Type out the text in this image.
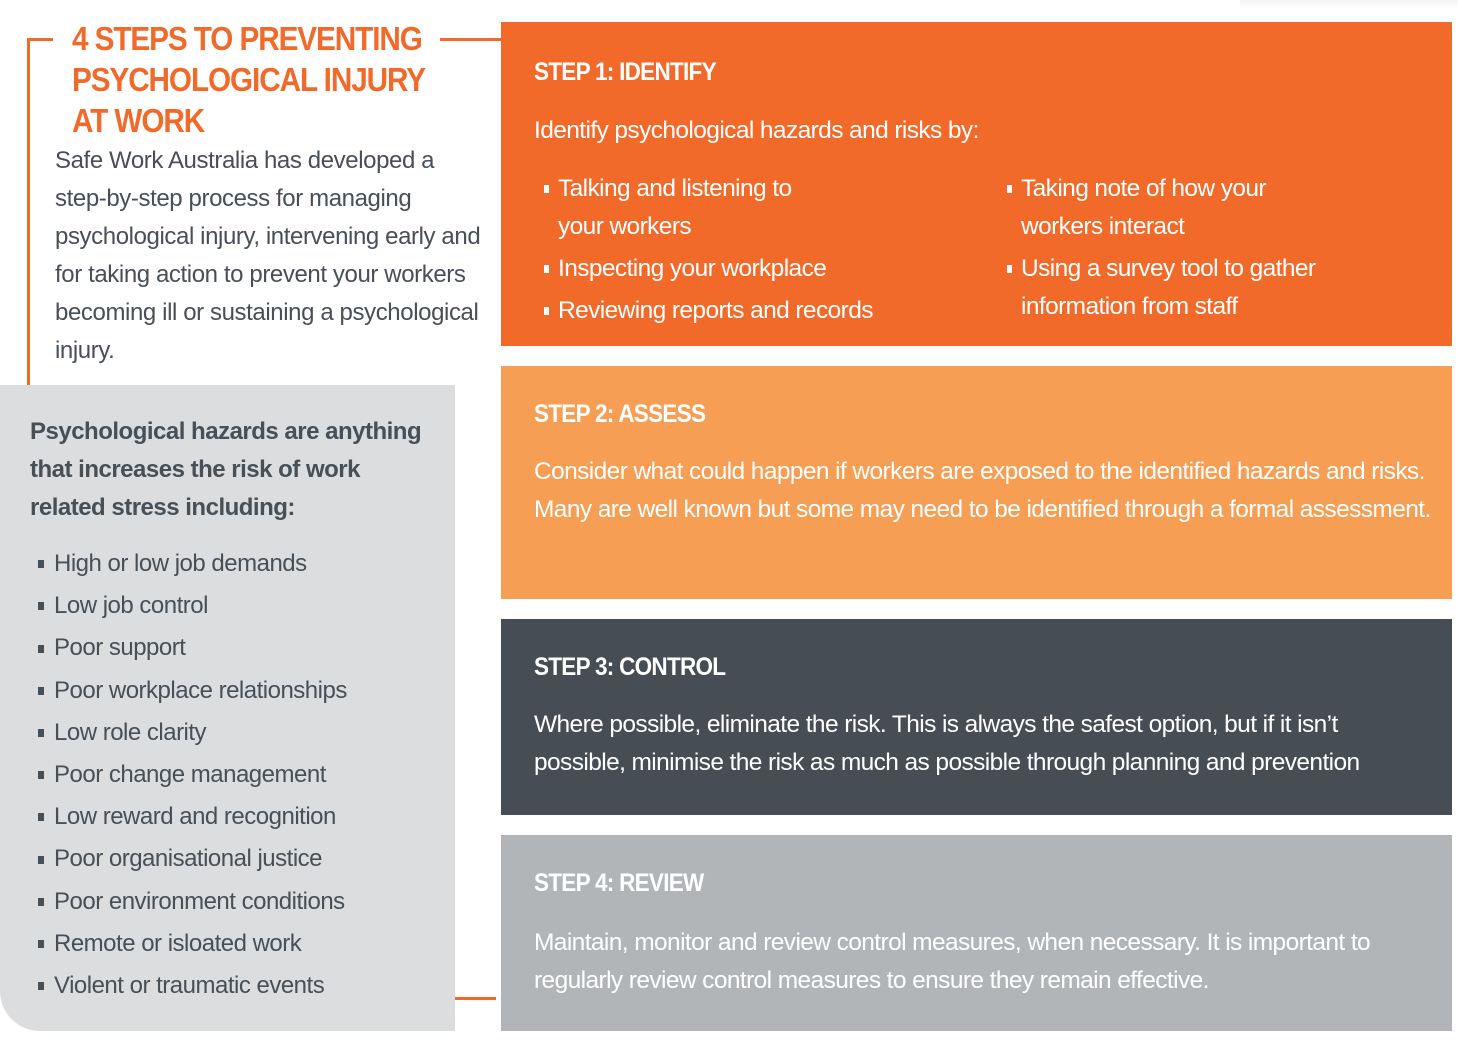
4 STEPS TO PREVENTING
PSYCHOLOGICAL INJURY
AT WORK
Safe Work Australia has developed a step-by-step process for managing psychological injury, intervening early and for taking action to prevent your workers becoming ill or sustaining a psychological injury.
Psychological hazards are anything that increases the risk of work related stress including:
High or low job demands
Low job control
Poor support
Poor workplace relationships
Low role clarity
Poor change management
Low reward and recognition
Poor organisational justice
Poor environment conditions
Remote or isloated work
Violent or traumatic events
STEP 1: IDENTIFY
Identify psychological hazards and risks by:
Talking and listening to your workers
Inspecting your workplace
Reviewing reports and records
Taking note of how your workers interact
Using a survey tool to gather information from staff
STEP 2: ASSESS
Consider what could happen if workers are exposed to the identified hazards and risks. Many are well known but some may need to be identified through a formal assessment.
STEP 3: CONTROL
Where possible, eliminate the risk. This is always the safest option, but if it isn’t possible, minimise the risk as much as possible through planning and prevention
STEP 4: REVIEW
Maintain, monitor and review control measures, when necessary. It is important to regularly review control measures to ensure they remain effective.
